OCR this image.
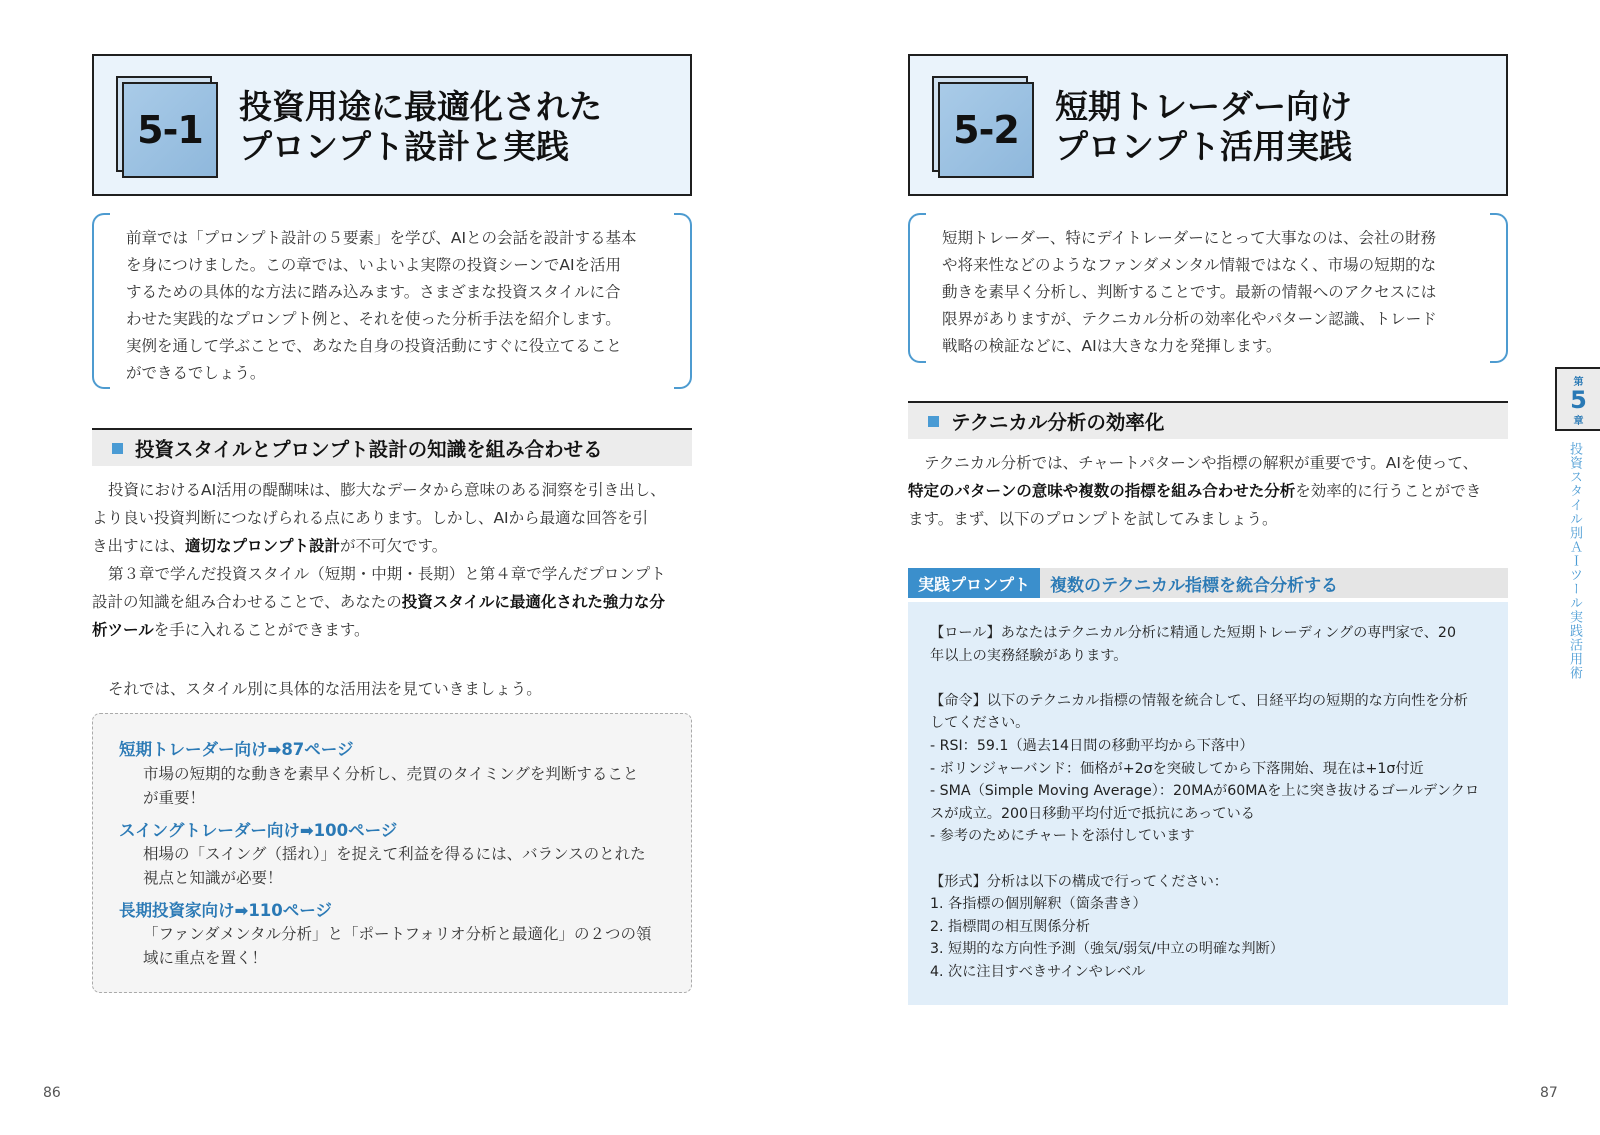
5-1
投資用途に最適化された
プロンプト設計と実践
前章では「プロンプト設計の５要素」を学び、AIとの会話を設計する基本
を身につけました。この章では、いよいよ実際の投資シーンでAIを活用
するための具体的な方法に踏み込みます。さまざまな投資スタイルに合
わせた実践的なプロンプト例と、それを使った分析手法を紹介します。
実例を通して学ぶことで、あなた自身の投資活動にすぐに役立てること
ができるでしょう。
投資スタイルとプロンプト設計の知識を組み合わせる
投資におけるAI活用の醍醐味は、膨大なデータから意味のある洞察を引き出し、
より良い投資判断につなげられる点にあります。しかし、AIから最適な回答を引
き出すには、適切なプロンプト設計が不可欠です。
第３章で学んだ投資スタイル（短期・中期・長期）と第４章で学んだプロンプト
設計の知識を組み合わせることで、あなたの投資スタイルに最適化された強力な分
析ツールを手に入れることができます。
それでは、スタイル別に具体的な活用法を見ていきましょう。
短期トレーダー向け➡87ページ
市場の短期的な動きを素早く分析し、売買のタイミングを判断すること
が重要！
スイングトレーダー向け➡100ページ
相場の「スイング（揺れ）」を捉えて利益を得るには、バランスのとれた
視点と知識が必要！
長期投資家向け➡110ページ
「ファンダメンタル分析」と「ポートフォリオ分析と最適化」の２つの領
域に重点を置く！
86
5-2
短期トレーダー向け
プロンプト活用実践
短期トレーダー、特にデイトレーダーにとって大事なのは、会社の財務
や将来性などのようなファンダメンタル情報ではなく、市場の短期的な
動きを素早く分析し、判断することです。最新の情報へのアクセスには
限界がありますが、テクニカル分析の効率化やパターン認識、トレード
戦略の検証などに、AIは大きな力を発揮します。
テクニカル分析の効率化
テクニカル分析では、チャートパターンや指標の解釈が重要です。AIを使って、
特定のパターンの意味や複数の指標を組み合わせた分析を効率的に行うことができ
ます。まず、以下のプロンプトを試してみましょう。
実践プロンプト	複数のテクニカル指標を統合分析する
【ロール】あなたはテクニカル分析に精通した短期トレーディングの専門家で、20
年以上の実務経験があります。
【命令】以下のテクニカル指標の情報を統合して、日経平均の短期的な方向性を分析
してください。
- RSI：59.1（過去14日間の移動平均から下落中）
- ボリンジャーバンド：価格が+2σを突破してから下落開始、現在は+1σ付近
- SMA（Simple Moving Average）：20MAが60MAを上に突き抜けるゴールデンクロ
スが成立。200日移動平均付近で抵抗にあっている
- 参考のためにチャートを添付しています
【形式】分析は以下の構成で行ってください：
1. 各指標の個別解釈（箇条書き）
2. 指標間の相互関係分析
3. 短期的な方向性予測（強気/弱気/中立の明確な判断）
4. 次に注目すべきサインやレベル
第
5
章
投資スタイル別ＡＩツール実践活用術
87
